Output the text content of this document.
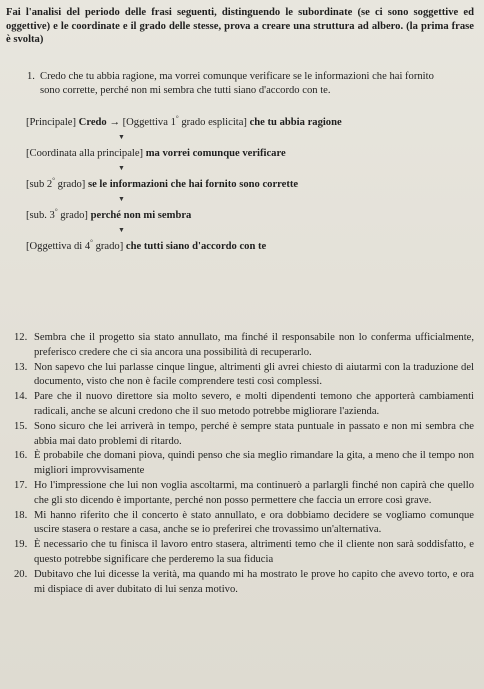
Fai l'analisi del periodo delle frasi seguenti, distinguendo le subordinate (se ci sono soggettive ed oggettive) e le coordinate e il grado delle stesse, prova a creare una struttura ad albero. (la prima frase è svolta)
1. Credo che tu abbia ragione, ma vorrei comunque verificare se le informazioni che hai fornito sono corrette, perché non mi sembra che tutti siano d'accordo con te.
[Principale] Credo → [Oggettiva 1° grado esplicita] che tu abbia ragione
▼
[Coordinata alla principale] ma vorrei comunque verificare
▼
[sub 2° grado] se le informazioni che hai fornito sono corrette
▼
[sub. 3° grado] perché non mi sembra
▼
[Oggettiva di 4° grado] che tutti siano d'accordo con te
12. Sembra che il progetto sia stato annullato, ma finché il responsabile non lo conferma ufficialmente, preferisco credere che ci sia ancora una possibilità di recuperarlo.
13. Non sapevo che lui parlasse cinque lingue, altrimenti gli avrei chiesto di aiutarmi con la traduzione del documento, visto che non è facile comprendere testi così complessi.
14. Pare che il nuovo direttore sia molto severo, e molti dipendenti temono che apporterà cambiamenti radicali, anche se alcuni credono che il suo metodo potrebbe migliorare l'azienda.
15. Sono sicuro che lei arriverà in tempo, perché è sempre stata puntuale in passato e non mi sembra che abbia mai dato problemi di ritardo.
16. È probabile che domani piova, quindi penso che sia meglio rimandare la gita, a meno che il tempo non migliori improvvisamente
17. Ho l'impressione che lui non voglia ascoltarmi, ma continuerò a parlargli finché non capirà che quello che gli sto dicendo è importante, perché non posso permettere che faccia un errore così grave.
18. Mi hanno riferito che il concerto è stato annullato, e ora dobbiamo decidere se vogliamo comunque uscire stasera o restare a casa, anche se io preferirei che trovassimo un'alternativa.
19. È necessario che tu finisca il lavoro entro stasera, altrimenti temo che il cliente non sarà soddisfatto, e questo potrebbe significare che perderemo la sua fiducia
20. Dubitavo che lui dicesse la verità, ma quando mi ha mostrato le prove ho capito che avevo torto, e ora mi dispiace di aver dubitato di lui senza motivo.
